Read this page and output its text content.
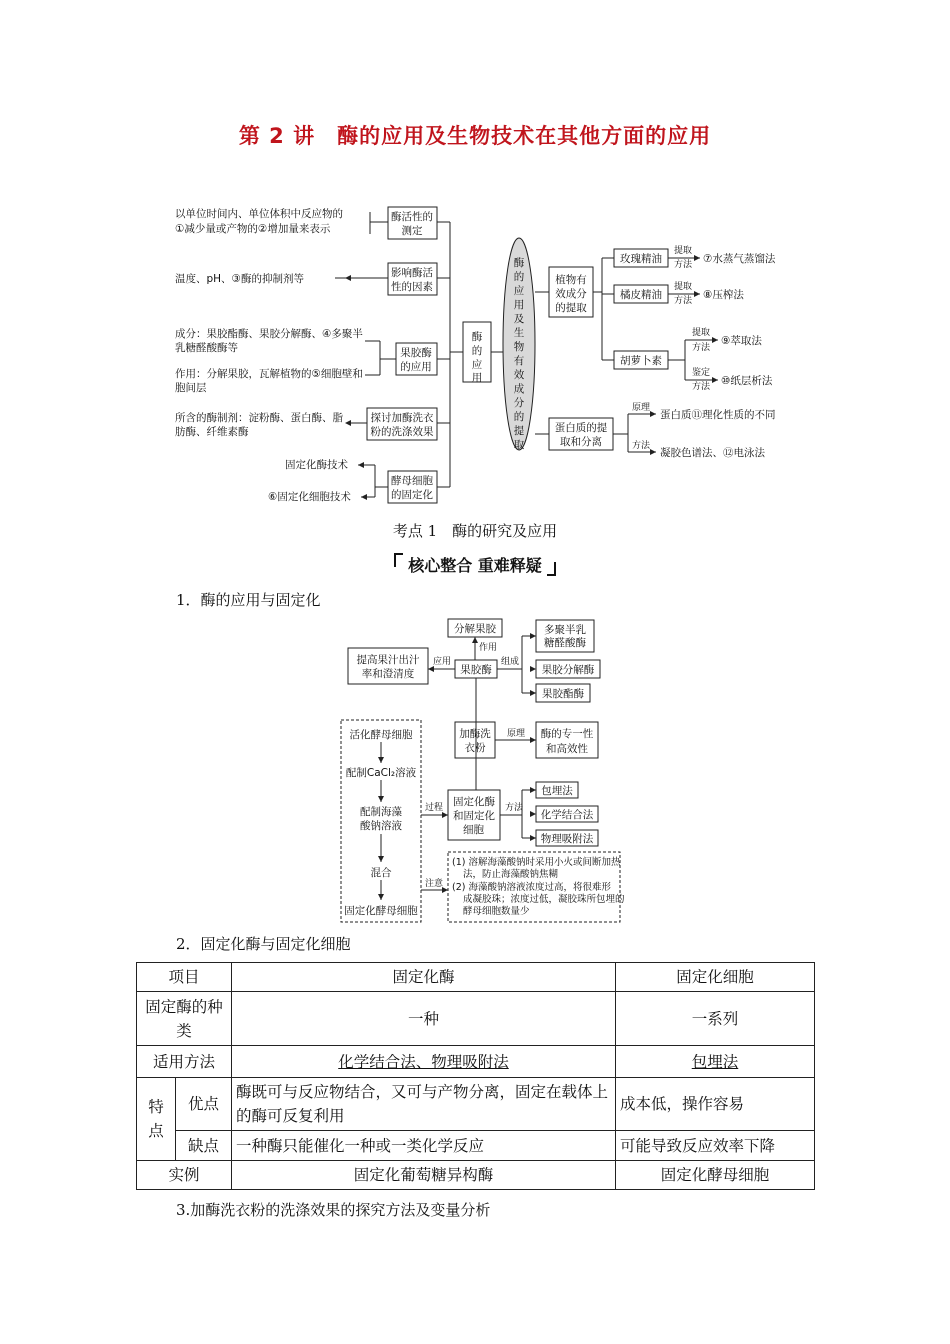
第 2 讲　酶的应用及生物技术在其他方面的应用
酶
的
应
用
酶
的
应
用
及
生
物
有
效
成
分
的
提
取
酶活性的
测定
影响酶活
性的因素
果胶酶
的应用
探讨加酶洗衣
粉的洗涤效果
酵母细胞
的固定化
以单位时间内、单位体积中反应物的
①减少量或产物的②增加量来表示
温度、pH、③酶的抑制剂等
成分：果胶酯酶、果胶分解酶、④多聚半
乳糖醛酸酶等
作用：分解果胶，瓦解植物的⑤细胞壁和
胞间层
所含的酶制剂：淀粉酶、蛋白酶、脂
肪酶、纤维素酶
固定化酶技术
⑥固定化细胞技术
植物有
效成分
的提取
蛋白质的提
取和分离
玫瑰精油
橘皮精油
胡萝卜素
提取
方法
提取
方法
提取
方法
鉴定
方法
原理
方法
⑦水蒸气蒸馏法
⑧压榨法
⑨萃取法
⑩纸层析法
蛋白质⑪理化性质的不同
凝胶色谱法、⑫电泳法
考点 1　酶的研究及应用
核心整合 重难释疑
1．酶的应用与固定化
分解果胶
作用
提高果汁出汁
率和澄清度
应用
果胶酶
组成
多聚半乳
糖醛酸酶
果胶分解酶
果胶酯酶
加酶洗
衣粉
原理 酶的专一性
和高效性
固定化酶
和固定化
细胞
过程	方法
包埋法
化学结合法
物理吸附法
活化酵母细胞
配制CaCl₂溶液
配制海藻
酸钠溶液
混合
固定化酵母细胞
注意
(1) 溶解海藻酸钠时采用小火或间断加热
法，防止海藻酸钠焦糊
(2) 海藻酸钠溶液浓度过高，将很难形
成凝胶珠；浓度过低，凝胶珠所包埋的
酵母细胞数量少
2．固定化酶与固定化细胞
项目		固定化酶	固定化细胞
固定酶的种类		一种	一系列
适用方法		化学结合法、物理吸附法	包埋法
特点	优点	酶既可与反应物结合，又可与产物分离，固定在载体上的酶可反复利用	成本低，操作容易
	缺点	一种酶只能催化一种或一类化学反应	可能导致反应效率下降
实例		固定化葡萄糖异构酶	固定化酵母细胞
3.加酶洗衣粉的洗涤效果的探究方法及变量分析
